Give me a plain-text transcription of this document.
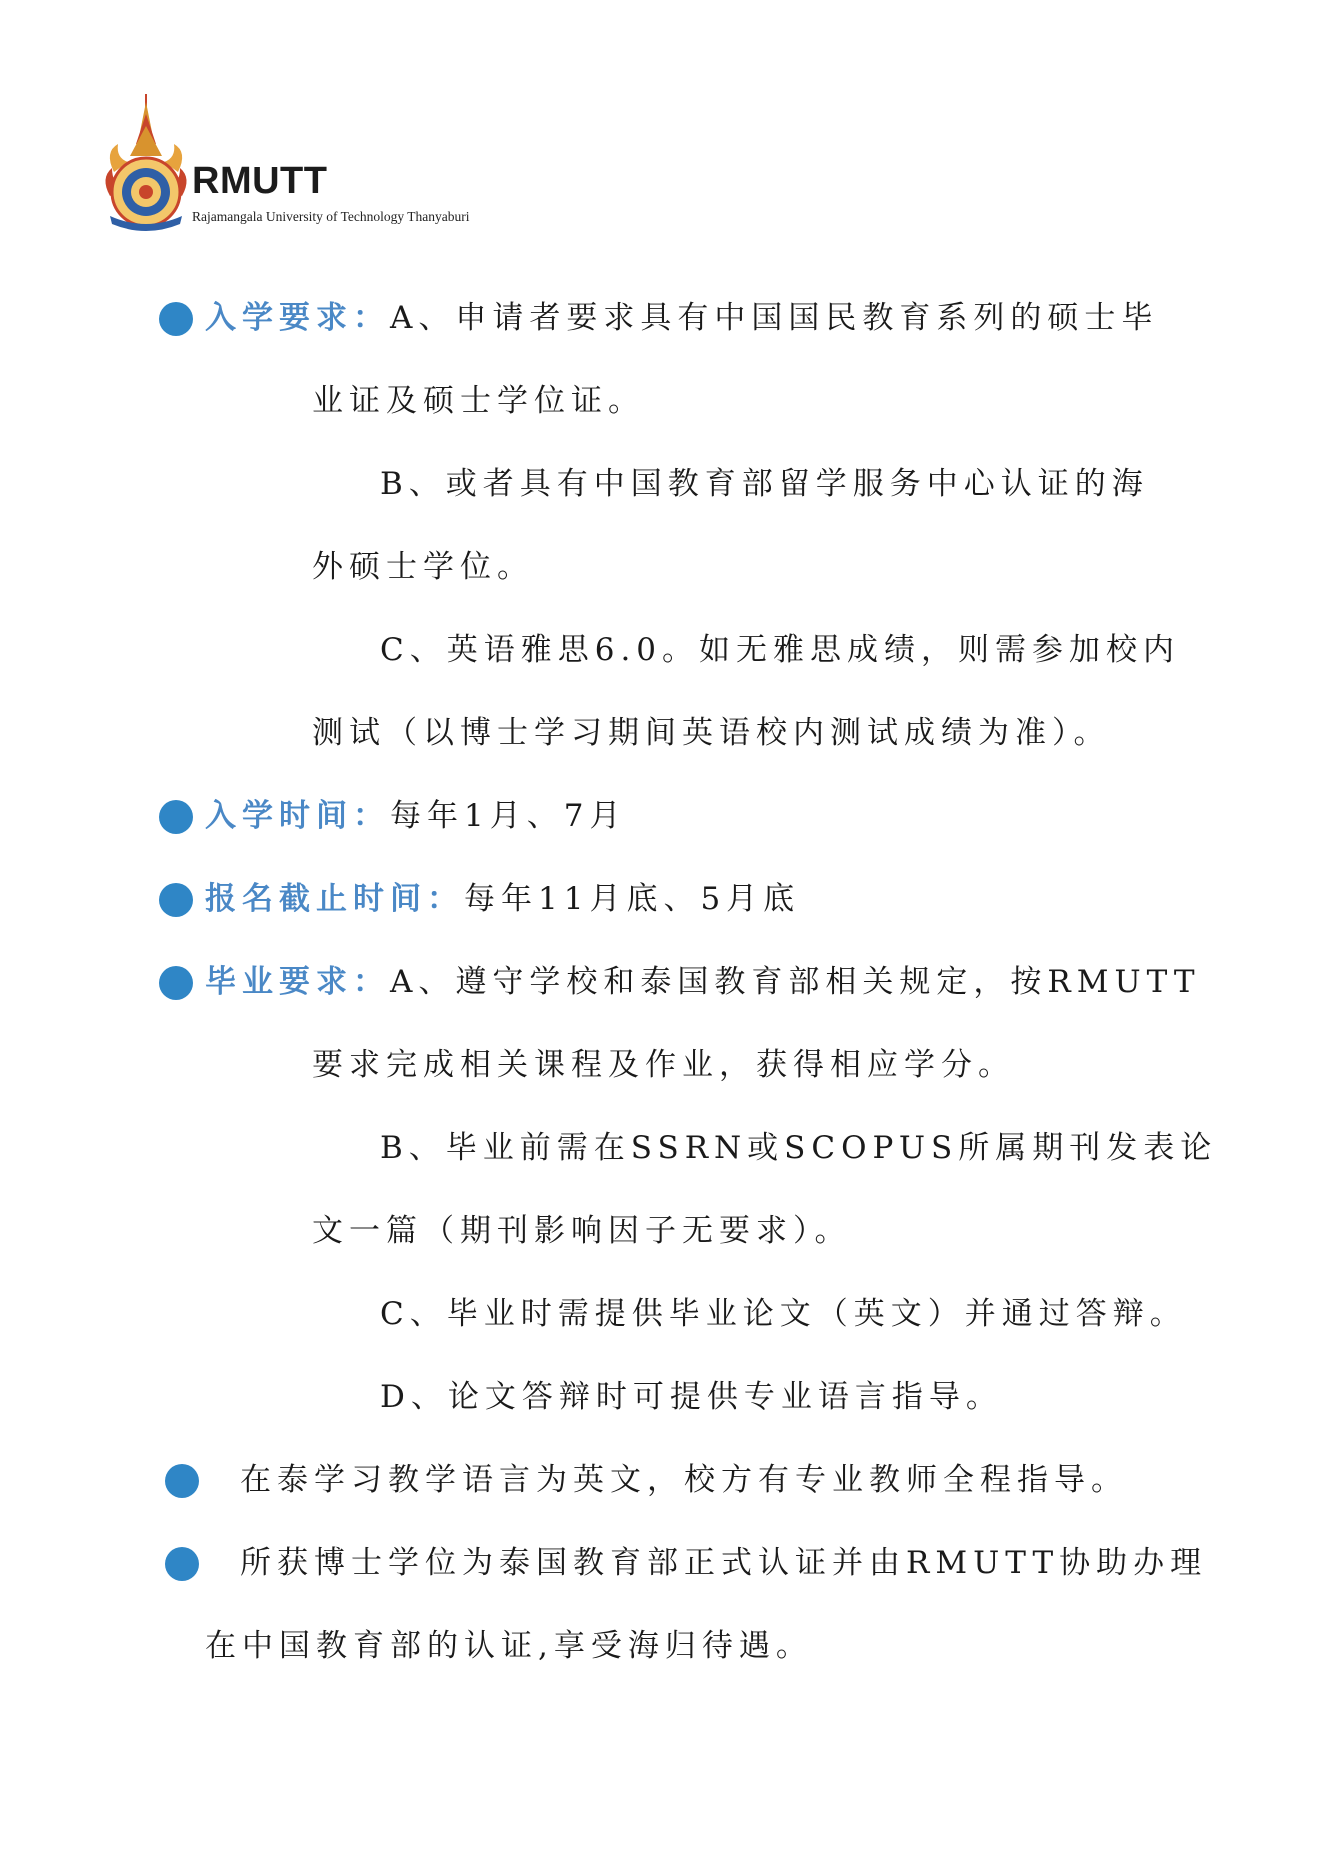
RMUTT
Rajamangala University of Technology Thanyaburi
入学要求：A、申请者要求具有中国国民教育系列的硕士毕
业证及硕士学位证。
B、或者具有中国教育部留学服务中心认证的海
外硕士学位。
C、英语雅思6.0。如无雅思成绩，则需参加校内
测试（以博士学习期间英语校内测试成绩为准）。
入学时间：每年1月、7月
报名截止时间：每年11月底、5月底
毕业要求：A、遵守学校和泰国教育部相关规定，按RMUTT
要求完成相关课程及作业，获得相应学分。
B、毕业前需在SSRN或SCOPUS所属期刊发表论
文一篇（期刊影响因子无要求）。
C、毕业时需提供毕业论文（英文）并通过答辩。
D、论文答辩时可提供专业语言指导。
在泰学习教学语言为英文，校方有专业教师全程指导。
所获博士学位为泰国教育部正式认证并由RMUTT协助办理
在中国教育部的认证,享受海归待遇。
